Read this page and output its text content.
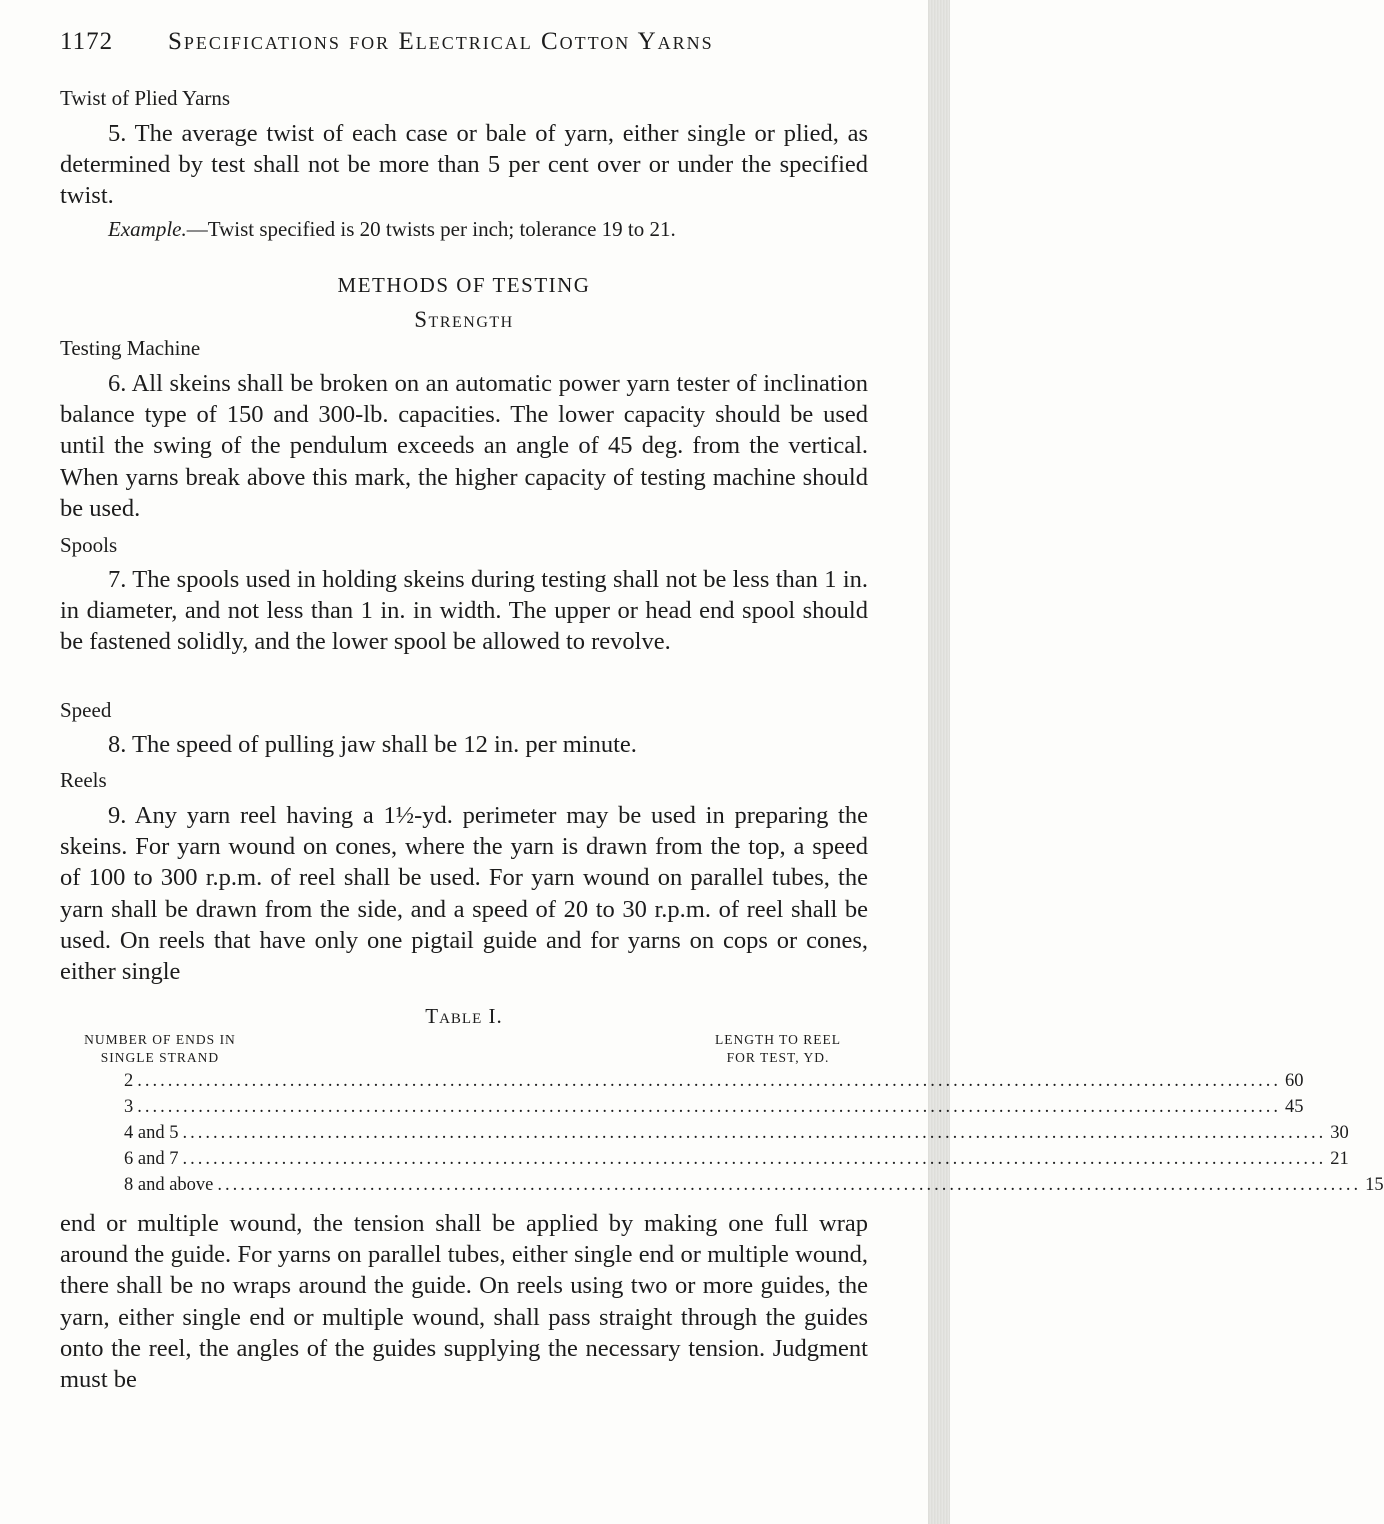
1172 Specifications for Electrical Cotton Yarns
Twist of Plied Yarns
5. The average twist of each case or bale of yarn, either single or plied, as determined by test shall not be more than 5 per cent over or under the specified twist.
Example.—Twist specified is 20 twists per inch; tolerance 19 to 21.
METHODS OF TESTING
Strength
Testing Machine
6. All skeins shall be broken on an automatic power yarn tester of inclination balance type of 150 and 300-lb. capacities. The lower capacity should be used until the swing of the pendulum exceeds an angle of 45 deg. from the vertical. When yarns break above this mark, the higher capacity of testing machine should be used.
Spools
7. The spools used in holding skeins during testing shall not be less than 1 in. in diameter, and not less than 1 in. in width. The upper or head end spool should be fastened solidly, and the lower spool be allowed to revolve.
Speed
8. The speed of pulling jaw shall be 12 in. per minute.
Reels
9. Any yarn reel having a 1½-yd. perimeter may be used in preparing the skeins. For yarn wound on cones, where the yarn is drawn from the top, a speed of 100 to 300 r.p.m. of reel shall be used. For yarn wound on parallel tubes, the yarn shall be drawn from the side, and a speed of 20 to 30 r.p.m. of reel shall be used. On reels that have only one pigtail guide and for yarns on cops or cones, either single
Table I.
NUMBER OF ENDS IN
SINGLE STRAND
LENGTH TO REEL
FOR TEST, YD.
2 ...................................................................................................................................................... 60
3 ...................................................................................................................................................... 45
4 and 5 ...................................................................................................................................................... 30
6 and 7 ...................................................................................................................................................... 21
8 and above ...................................................................................................................................................... 15
end or multiple wound, the tension shall be applied by making one full wrap around the guide. For yarns on parallel tubes, either single end or multiple wound, there shall be no wraps around the guide. On reels using two or more guides, the yarn, either single end or multiple wound, shall pass straight through the guides onto the reel, the angles of the guides supplying the necessary tension. Judgment must be
